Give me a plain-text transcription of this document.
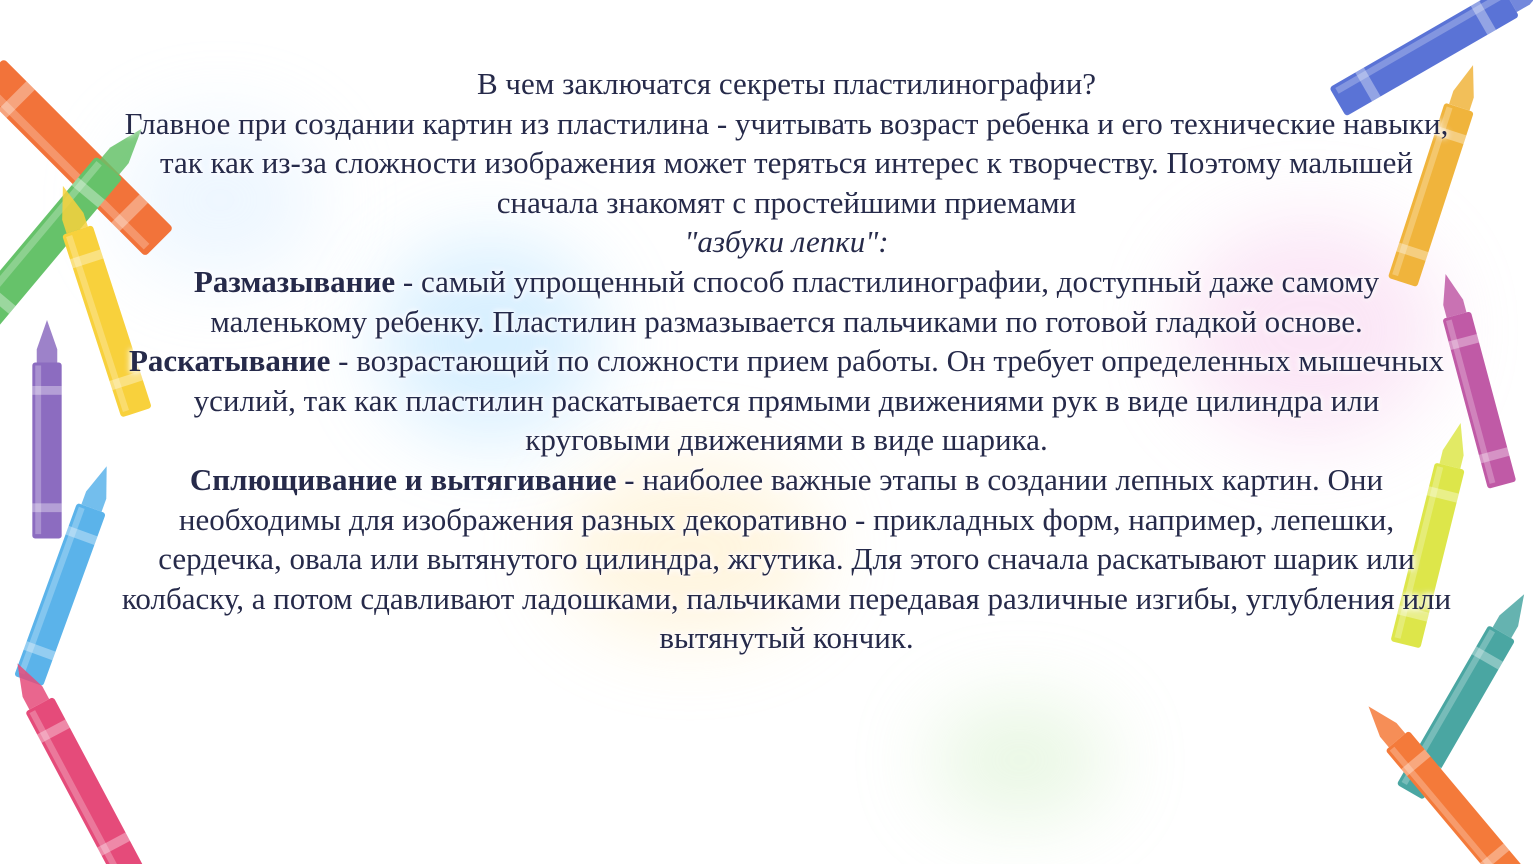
В чем заключатся секреты пластилинографии?

Главное при создании картин из пластилина - учитывать возраст ребенка и его технические навыки, так как из-за сложности изображения может теряться интерес к творчеству. Поэтому малышей сначала знакомят с простейшими приемами
"азбуки лепки":

Размазывание - самый упрощенный способ пластилинографии, доступный даже самому маленькому ребенку. Пластилин размазывается пальчиками по готовой гладкой основе.

Раскатывание - возрастающий по сложности прием работы. Он требует определенных мышечных усилий, так как пластилин раскатывается прямыми движениями рук в виде цилиндра или круговыми движениями в виде шарика.

Сплющивание и вытягивание - наиболее важные этапы в создании лепных картин. Они необходимы для изображения разных декоративно - прикладных форм, например, лепешки, сердечка, овала или вытянутого цилиндра, жгутика. Для этого сначала раскатывают шарик или колбаску, а потом сдавливают ладошками, пальчиками передавая различные изгибы, углубления или вытянутый кончик.
